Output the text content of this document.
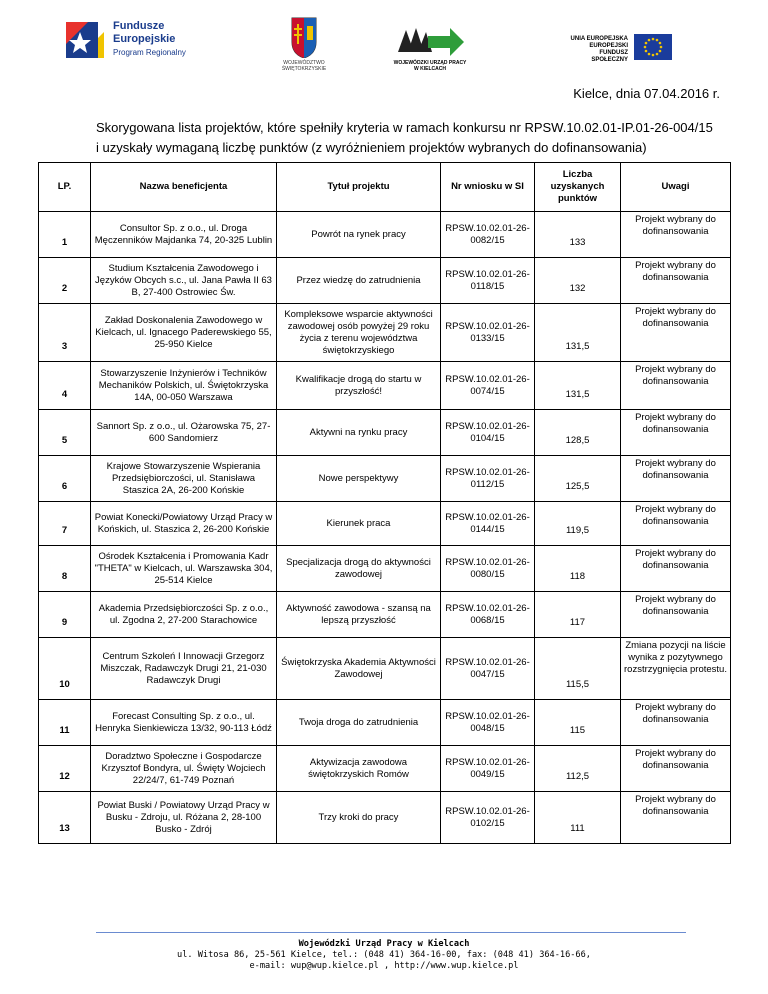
Fundusze
Europejskie
Program Regionalny
WOJEWÓDZTWO ŚWIĘTOKRZYSKIE
WOJEWÓDZKI URZĄD PRACY W KIELCACH
UNIA EUROPEJSKA
EUROPEJSKI
FUNDUSZ SPOŁECZNY
Kielce, dnia 07.04.2016 r.
Skorygowana lista projektów, które spełniły kryteria w ramach konkursu nr RPSW.10.02.01-IP.01-26-004/15 i uzyskały wymaganą liczbę punktów (z wyróżnieniem projektów wybranych do dofinansowania)
LP.	Nazwa beneficjenta	Tytuł projektu	Nr wniosku w SI	Liczba uzyskanych punktów	Uwagi
1	Consultor Sp. z o.o., ul. Droga Męczenników Majdanka 74, 20-325 Lublin	Powrót na rynek pracy	RPSW.10.02.01-26-0082/15	133	Projekt wybrany do dofinansowania
2	Studium Kształcenia Zawodowego i Języków Obcych s.c., ul. Jana Pawła II 63 B, 27-400 Ostrowiec Św.	Przez wiedzę do zatrudnienia	RPSW.10.02.01-26-0118/15	132	Projekt wybrany do dofinansowania
3	Zakład Doskonalenia Zawodowego w Kielcach, ul. Ignacego Paderewskiego 55, 25-950 Kielce	Kompleksowe wsparcie aktywności zawodowej osób powyżej 29 roku życia z terenu województwa świętokrzyskiego	RPSW.10.02.01-26-0133/15	131,5	Projekt wybrany do dofinansowania
4	Stowarzyszenie Inżynierów i Techników Mechaników Polskich, ul. Świętokrzyska 14A, 00-050 Warszawa	Kwalifikacje drogą do startu w przyszłość!	RPSW.10.02.01-26-0074/15	131,5	Projekt wybrany do dofinansowania
5	Sannort Sp. z o.o., ul. Ożarowska 75, 27-600 Sandomierz	Aktywni na rynku pracy	RPSW.10.02.01-26-0104/15	128,5	Projekt wybrany do dofinansowania
6	Krajowe Stowarzyszenie Wspierania Przedsiębiorczości, ul. Stanisława Staszica 2A, 26-200 Końskie	Nowe perspektywy	RPSW.10.02.01-26-0112/15	125,5	Projekt wybrany do dofinansowania
7	Powiat Konecki/Powiatowy Urząd Pracy w Końskich, ul. Staszica 2, 26-200 Końskie	Kierunek praca	RPSW.10.02.01-26-0144/15	119,5	Projekt wybrany do dofinansowania
8	Ośrodek Kształcenia i Promowania Kadr "THETA" w Kielcach, ul. Warszawska 304, 25-514 Kielce	Specjalizacja drogą do aktywności zawodowej	RPSW.10.02.01-26-0080/15	118	Projekt wybrany do dofinansowania
9	Akademia Przedsiębiorczości Sp. z o.o., ul. Zgodna 2, 27-200 Starachowice	Aktywność zawodowa - szansą na lepszą przyszłość	RPSW.10.02.01-26-0068/15	117	Projekt wybrany do dofinansowania
10	Centrum Szkoleń I Innowacji Grzegorz Miszczak, Radawczyk Drugi 21, 21-030 Radawczyk Drugi	Świętokrzyska Akademia Aktywności Zawodowej	RPSW.10.02.01-26-0047/15	115,5	Zmiana pozycji na liście wynika z pozytywnego rozstrzygnięcia protestu.
11	Forecast Consulting Sp. z o.o., ul. Henryka Sienkiewicza 13/32, 90-113 Łódź	Twoja droga do zatrudnienia	RPSW.10.02.01-26-0048/15	115	Projekt wybrany do dofinansowania
12	Doradztwo Społeczne i Gospodarcze Krzysztof Bondyra, ul. Święty Wojciech 22/24/7, 61-749 Poznań	Aktywizacja zawodowa świętokrzyskich Romów	RPSW.10.02.01-26-0049/15	112,5	Projekt wybrany do dofinansowania
13	Powiat Buski / Powiatowy Urząd Pracy w Busku - Zdroju, ul. Różana 2, 28-100 Busko - Zdrój	Trzy kroki do pracy	RPSW.10.02.01-26-0102/15	111	Projekt wybrany do dofinansowania
Wojewódzki Urząd Pracy w Kielcach
ul. Witosa 86, 25-561 Kielce, tel.: (048 41) 364-16-00, fax: (048 41) 364-16-66,
e-mail: wup@wup.kielce.pl , http://www.wup.kielce.pl
